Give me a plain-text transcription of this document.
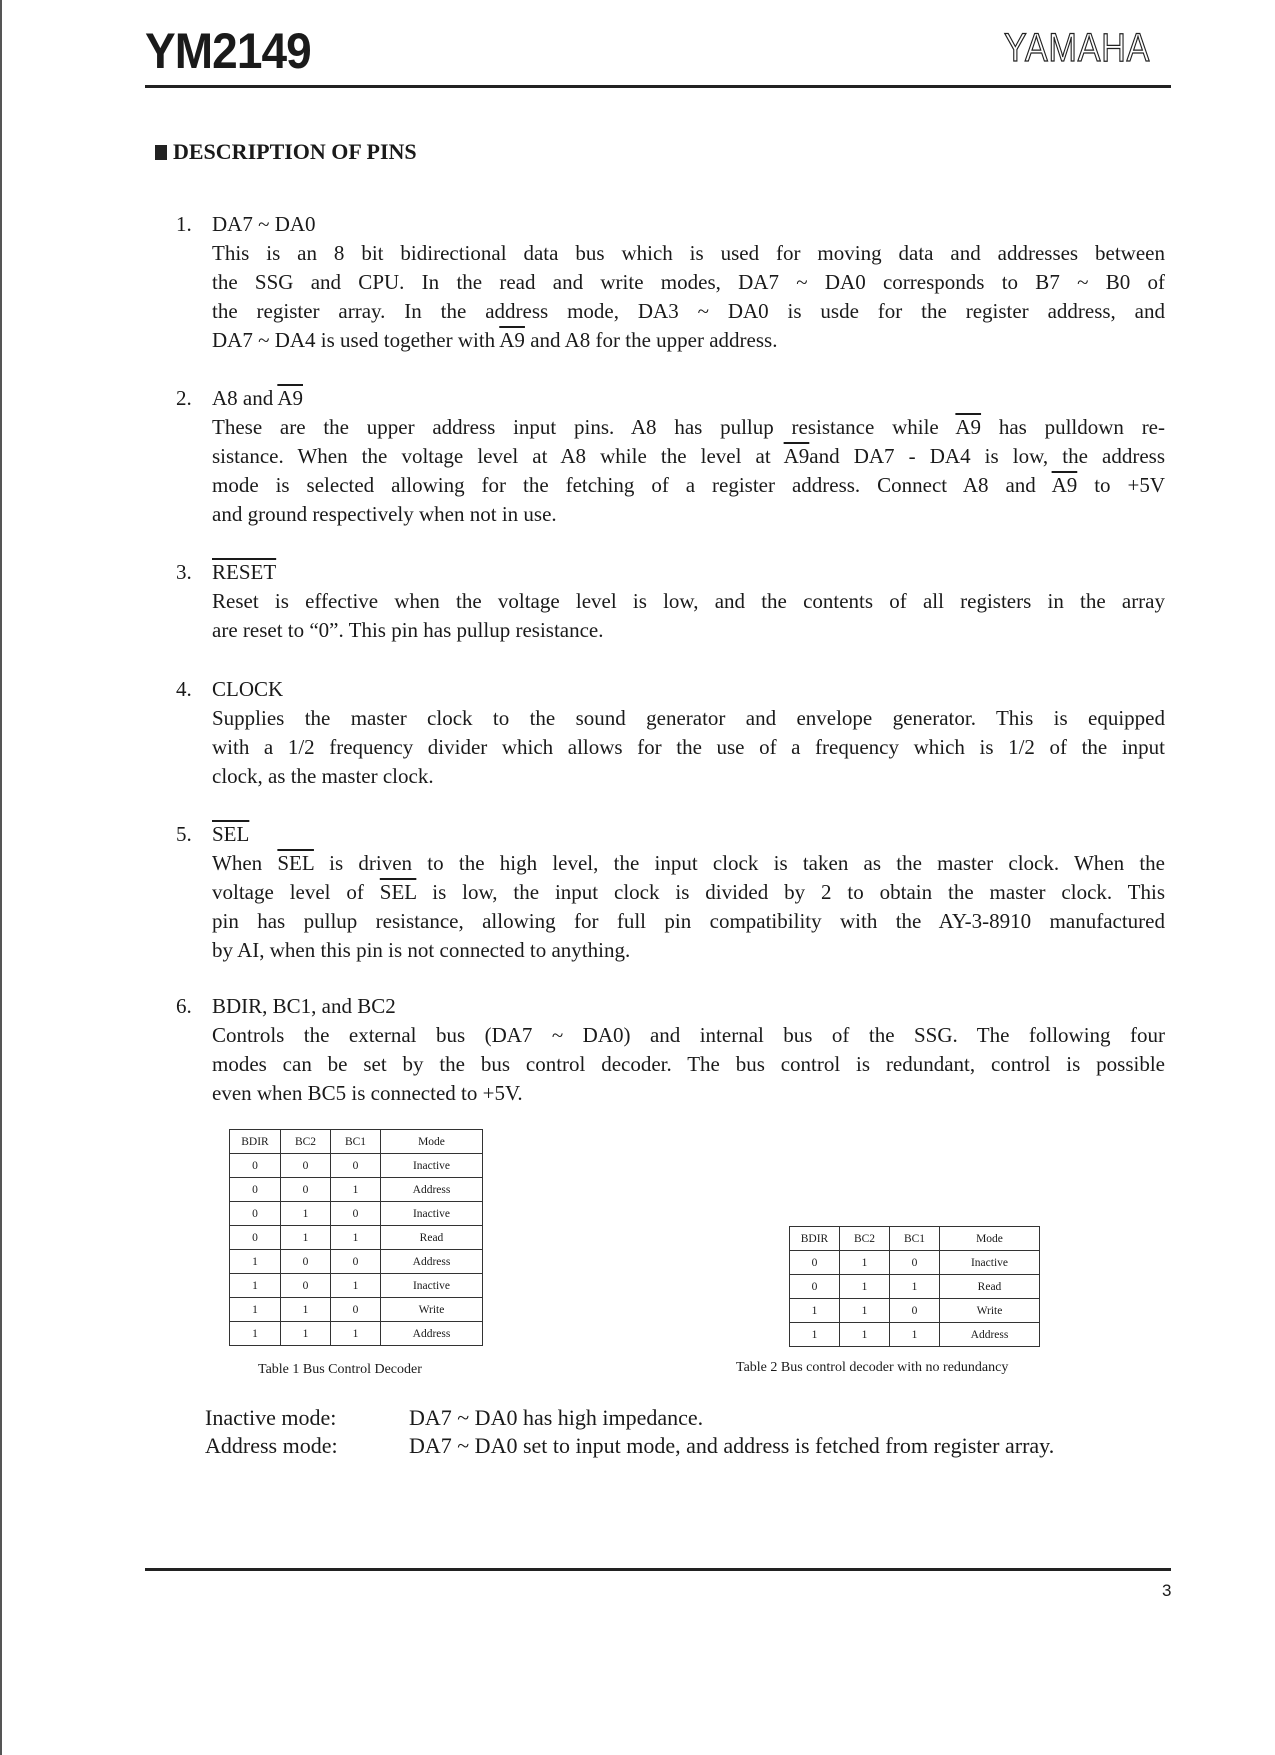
YM2149	YAMAHA
DESCRIPTION OF PINS
1. DA7 ~ DA0
This is an 8 bit bidirectional data bus which is used for moving data and addresses between
the SSG and CPU. In the read and write modes, DA7 ~ DA0 corresponds to B7 ~ B0 of
the register array. In the address mode, DA3 ~ DA0 is usde for the register address, and
DA7 ~ DA4 is used together with A9 and A8 for the upper address.
2. A8 and A9
These are the upper address input pins. A8 has pullup resistance while A9 has pulldown re-
sistance. When the voltage level at A8 while the level at A9and DA7 - DA4 is low, the address
mode is selected allowing for the fetching of a register address. Connect A8 and A9 to +5V
and ground respectively when not in use.
3. RESET
Reset is effective when the voltage level is low, and the contents of all registers in the array
are reset to “0”. This pin has pullup resistance.
4. CLOCK
Supplies the master clock to the sound generator and envelope generator. This is equipped
with a 1/2 frequency divider which allows for the use of a frequency which is 1/2 of the input
clock, as the master clock.
5. $\overline{SEL}$
When $\overline{SEL}$ is driven to the high level, the input clock is taken as the master clock. When the
voltage level of $\overline{SEL}$ is low, the input clock is divided by 2 to obtain the master clock. This
pin has pullup resistance, allowing for full pin compatibility with the AY-3-8910 manufactured
by AI, when this pin is not connected to anything.
6. BDIR, BC1, and BC2
Controls the external bus (DA7 ~ DA0) and internal bus of the SSG. The following four
modes can be set by the bus control decoder. The bus control is redundant, control is possible
even when BC5 is connected to +5V.
BDIR	BC2	BC1	Mode
0	0	0	Inactive
0	0	1	Address
0	1	0	Inactive
0	1	1	Read
1	0	0	Address
1	0	1	Inactive
1	1	0	Write
1	1	1	Address
Table 1 Bus Control Decoder
BDIR	BC2	BC1	Mode
0	1	0	Inactive
0	1	1	Read
1	1	0	Write
1	1	1	Address
Table 2 Bus control decoder with no redundancy
Inactive mode:	DA7 ~ DA0 has high impedance.
Address mode:	DA7 ~ DA0 set to input mode, and address is fetched from register array.
3
